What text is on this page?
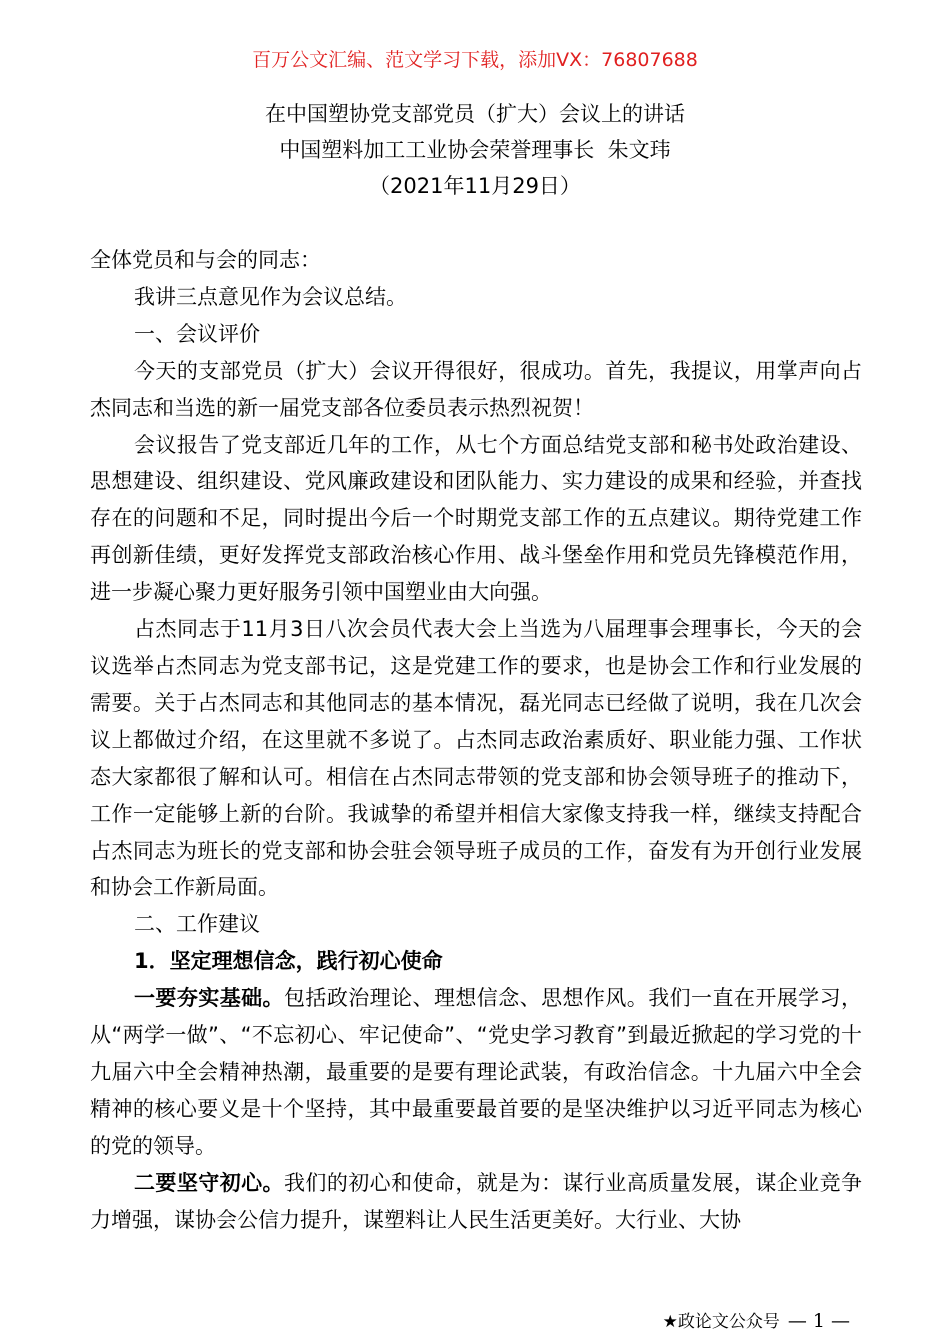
百万公文汇编、范文学习下载，添加VX：76807688
在中国塑协党支部党员（扩大）会议上的讲话
中国塑料加工工业协会荣誉理事长  朱文玮
（2021年11月29日）

全体党员和与会的同志：

我讲三点意见作为会议总结。

一、会议评价

今天的支部党员（扩大）会议开得很好，很成功。首先，我提议，用掌声向占杰同志和当选的新一届党支部各位委员表示热烈祝贺！

会议报告了党支部近几年的工作，从七个方面总结党支部和秘书处政治建设、思想建设、组织建设、党风廉政建设和团队能力、实力建设的成果和经验，并查找存在的问题和不足，同时提出今后一个时期党支部工作的五点建议。期待党建工作再创新佳绩，更好发挥党支部政治核心作用、战斗堡垒作用和党员先锋模范作用，进一步凝心聚力更好服务引领中国塑业由大向强。

占杰同志于11月3日八次会员代表大会上当选为八届理事会理事长，今天的会议选举占杰同志为党支部书记，这是党建工作的要求，也是协会工作和行业发展的需要。关于占杰同志和其他同志的基本情况，磊光同志已经做了说明，我在几次会议上都做过介绍，在这里就不多说了。占杰同志政治素质好、职业能力强、工作状态大家都很了解和认可。相信在占杰同志带领的党支部和协会领导班子的推动下，工作一定能够上新的台阶。我诚挚的希望并相信大家像支持我一样，继续支持配合占杰同志为班长的党支部和协会驻会领导班子成员的工作，奋发有为开创行业发展和协会工作新局面。

二、工作建议

1．坚定理想信念，践行初心使命

一要夯实基础。包括政治理论、理想信念、思想作风。我们一直在开展学习，从“两学一做”、“不忘初心、牢记使命”、“党史学习教育”到最近掀起的学习党的十九届六中全会精神热潮，最重要的是要有理论武装，有政治信念。十九届六中全会精神的核心要义是十个坚持，其中最重要最首要的是坚决维护以习近平同志为核心的党的领导。

二要坚守初心。我们的初心和使命，就是为：谋行业高质量发展，谋企业竞争力增强，谋协会公信力提升，谋塑料让人民生活更美好。大行业、大协

★政论文公众号 — 1 —
